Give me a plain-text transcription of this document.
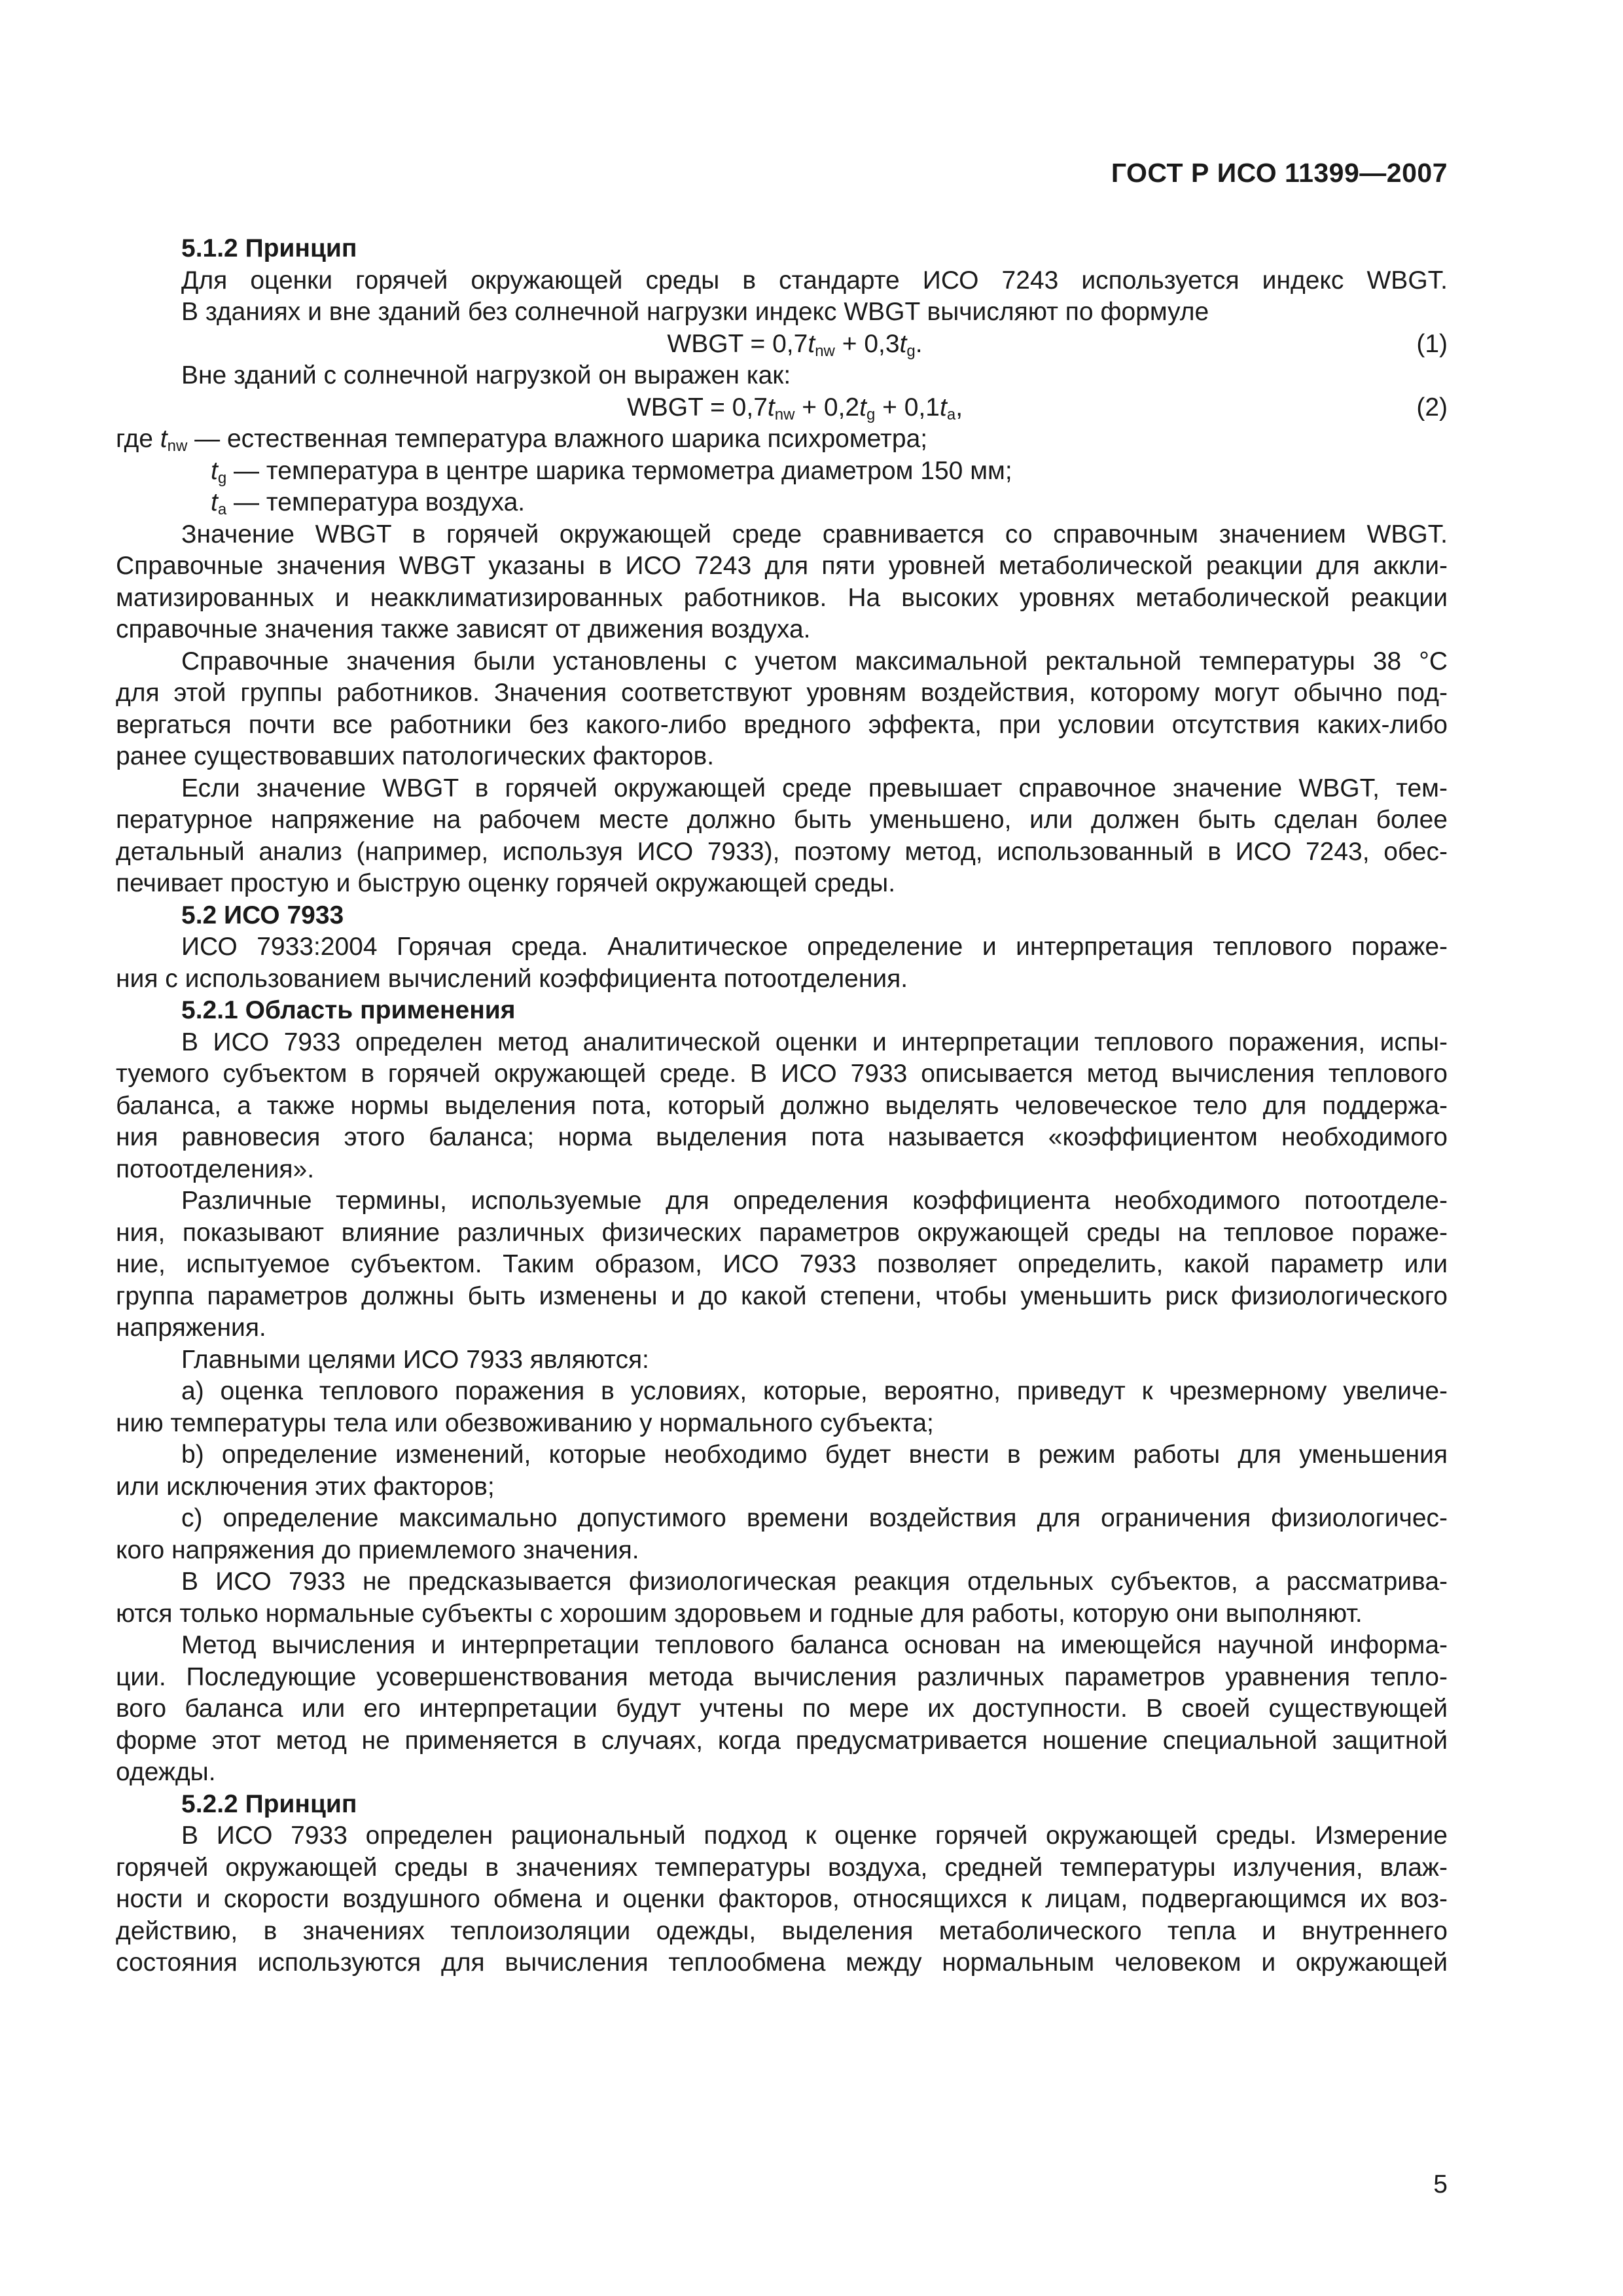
ГОСТ Р ИСО 11399—2007
5.1.2 Принцип
Для оценки горячей окружающей среды в стандарте ИСО 7243 используется индекс WBGT.
В зданиях и вне зданий без солнечной нагрузки индекс WBGT вычисляют по формуле
WBGT = $0,7t_{nw} + 0,3t_g$.	(1)
Вне зданий с солнечной нагрузкой он выражен как:
WBGT = $0,7t_{nw} + 0,2t_g + 0,1t_a$,	(2)
где $t_{nw}$ — естественная температура влажного шарика психрометра;
$t_g$ — температура в центре шарика термометра диаметром 150 мм;
$t_a$ — температура воздуха.
Значение WBGT в горячей окружающей среде сравнивается со справочным значением WBGT.
Справочные значения WBGT указаны в ИСО 7243 для пяти уровней метаболической реакции для аккли-
матизированных и неакклиматизированных работников. На высоких уровнях метаболической реакции
справочные значения также зависят от движения воздуха.
Справочные значения были установлены с учетом максимальной ректальной температуры 38 °С
для этой группы работников. Значения соответствуют уровням воздействия, которому могут обычно под-
вергаться почти все работники без какого-либо вредного эффекта, при условии отсутствия каких-либо
ранее существовавших патологических факторов.
Если значение WBGT в горячей окружающей среде превышает справочное значение WBGT, тем-
пературное напряжение на рабочем месте должно быть уменьшено, или должен быть сделан более
детальный анализ (например, используя ИСО 7933), поэтому метод, использованный в ИСО 7243, обес-
печивает простую и быструю оценку горячей окружающей среды.
5.2 ИСО 7933
ИСО 7933:2004 Горячая среда. Аналитическое определение и интерпретация теплового пораже-
ния с использованием вычислений коэффициента потоотделения.
5.2.1 Область применения
В ИСО 7933 определен метод аналитической оценки и интерпретации теплового поражения, испы-
туемого субъектом в горячей окружающей среде. В ИСО 7933 описывается метод вычисления теплового
баланса, а также нормы выделения пота, который должно выделять человеческое тело для поддержа-
ния равновесия этого баланса; норма выделения пота называется «коэффициентом необходимого
потоотделения».
Различные термины, используемые для определения коэффициента необходимого потоотделе-
ния, показывают влияние различных физических параметров окружающей среды на тепловое пораже-
ние, испытуемое субъектом. Таким образом, ИСО 7933 позволяет определить, какой параметр или
группа параметров должны быть изменены и до какой степени, чтобы уменьшить риск физиологического
напряжения.
Главными целями ИСО 7933 являются:
a) оценка теплового поражения в условиях, которые, вероятно, приведут к чрезмерному увеличе-
нию температуры тела или обезвоживанию у нормального субъекта;
b) определение изменений, которые необходимо будет внести в режим работы для уменьшения
или исключения этих факторов;
c) определение максимально допустимого времени воздействия для ограничения физиологичес-
кого напряжения до приемлемого значения.
В ИСО 7933 не предсказывается физиологическая реакция отдельных субъектов, а рассматрива-
ются только нормальные субъекты с хорошим здоровьем и годные для работы, которую они выполняют.
Метод вычисления и интерпретации теплового баланса основан на имеющейся научной информа-
ции. Последующие усовершенствования метода вычисления различных параметров уравнения тепло-
вого баланса или его интерпретации будут учтены по мере их доступности. В своей существующей
форме этот метод не применяется в случаях, когда предусматривается ношение специальной защитной
одежды.
5.2.2 Принцип
В ИСО 7933 определен рациональный подход к оценке горячей окружающей среды. Измерение
горячей окружающей среды в значениях температуры воздуха, средней температуры излучения, влаж-
ности и скорости воздушного обмена и оценки факторов, относящихся к лицам, подвергающимся их воз-
действию, в значениях теплоизоляции одежды, выделения метаболического тепла и внутреннего
состояния используются для вычисления теплообмена между нормальным человеком и окружающей
5
